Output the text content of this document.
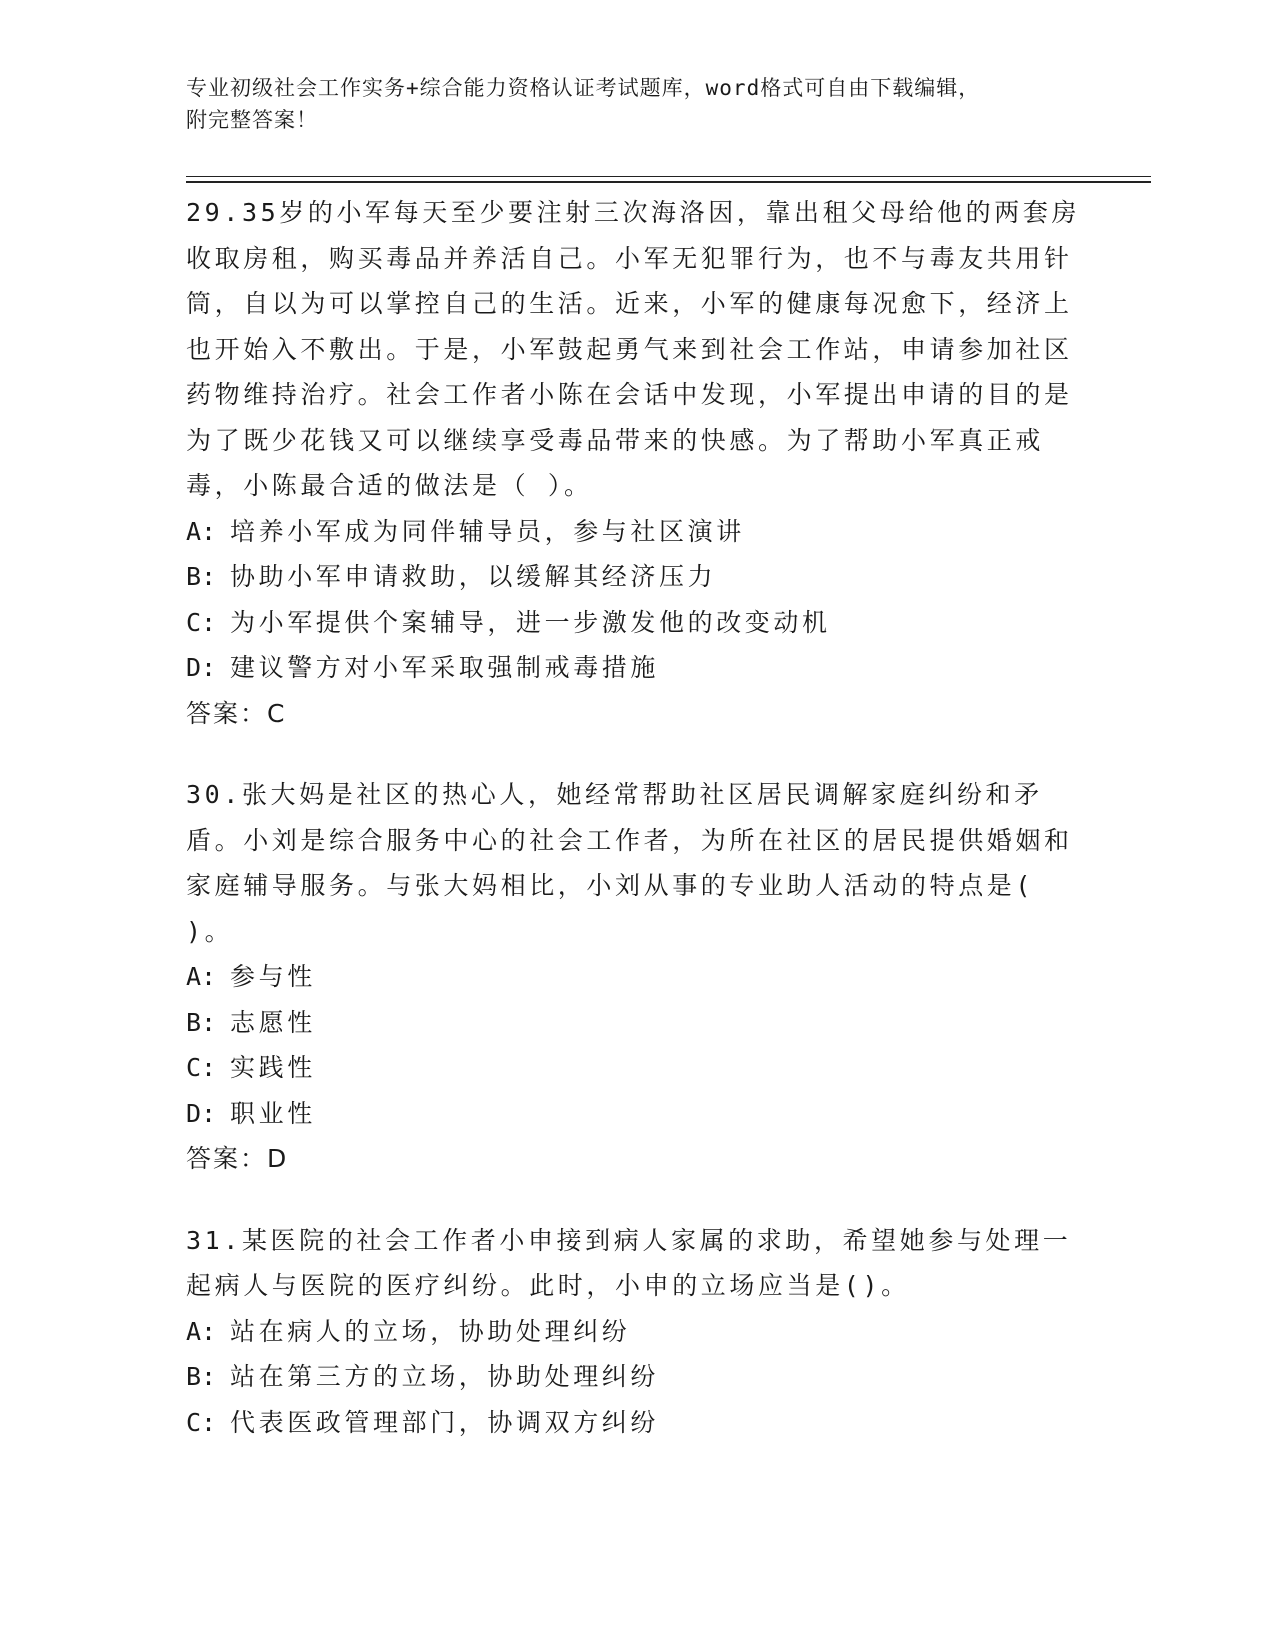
专业初级社会工作实务+综合能力资格认证考试题库，word格式可自由下载编辑，
附完整答案！
29.35岁的小军每天至少要注射三次海洛因，靠出租父母给他的两套房收取房租，购买毒品并养活自己。小军无犯罪行为，也不与毒友共用针筒，自以为可以掌控自己的生活。近来，小军的健康每况愈下，经济上也开始入不敷出。于是，小军鼓起勇气来到社会工作站，申请参加社区药物维持治疗。社会工作者小陈在会话中发现，小军提出申请的目的是为了既少花钱又可以继续享受毒品带来的快感。为了帮助小军真正戒毒，小陈最合适的做法是（ ）。
A: 培养小军成为同伴辅导员，参与社区演讲
B: 协助小军申请救助，以缓解其经济压力
C: 为小军提供个案辅导，进一步激发他的改变动机
D: 建议警方对小军采取强制戒毒措施
答案：C
30.张大妈是社区的热心人，她经常帮助社区居民调解家庭纠纷和矛盾。小刘是综合服务中心的社会工作者，为所在社区的居民提供婚姻和家庭辅导服务。与张大妈相比，小刘从事的专业助人活动的特点是( )。
A: 参与性
B: 志愿性
C: 实践性
D: 职业性
答案：D
31.某医院的社会工作者小申接到病人家属的求助，希望她参与处理一起病人与医院的医疗纠纷。此时，小申的立场应当是()。
A: 站在病人的立场，协助处理纠纷
B: 站在第三方的立场，协助处理纠纷
C: 代表医政管理部门，协调双方纠纷
